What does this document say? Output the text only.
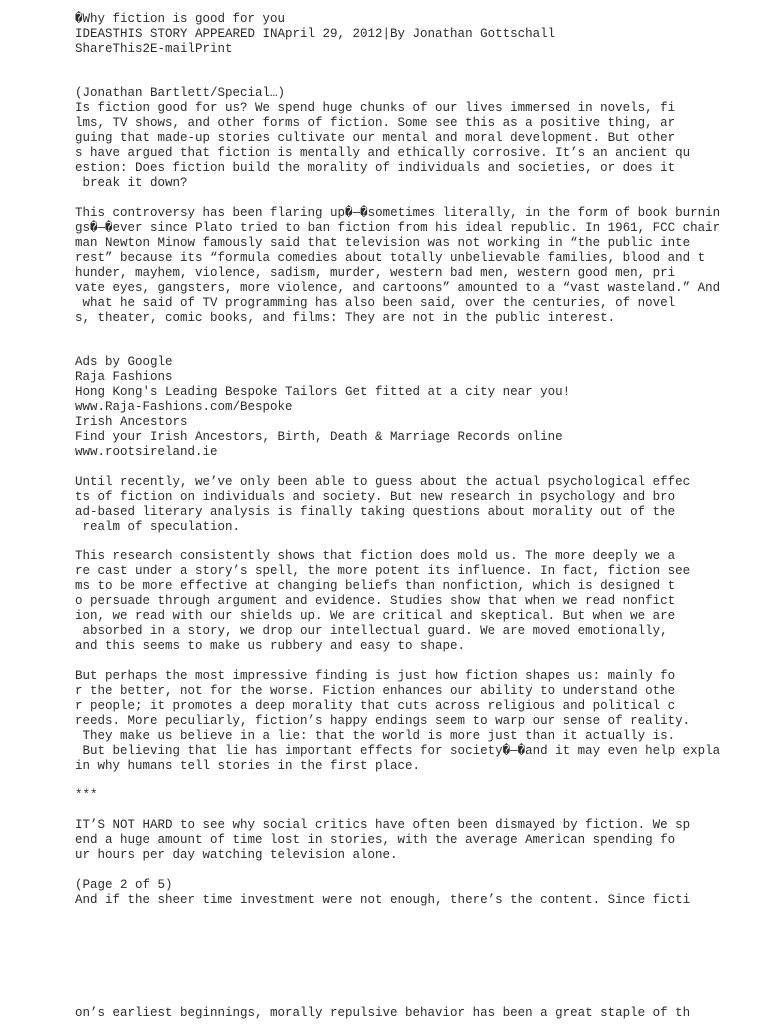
�Why fiction is good for you
IDEASTHIS STORY APPEARED INApril 29, 2012|By Jonathan Gottschall
ShareThis2E-mailPrint
(Jonathan Bartlett/Special…)
Is fiction good for us? We spend huge chunks of our lives immersed in novels, fi
lms, TV shows, and other forms of fiction. Some see this as a positive thing, ar
guing that made-up stories cultivate our mental and moral development. But other
s have argued that fiction is mentally and ethically corrosive. It’s an ancient qu
estion: Does fiction build the morality of individuals and societies, or does it
break it down?
This controversy has been flaring up�—�sometimes literally, in the form of book burnin
gs�—�ever since Plato tried to ban fiction from his ideal republic. In 1961, FCC chair
man Newton Minow famously said that television was not working in “the public inte
rest” because its “formula comedies about totally unbelievable families, blood and t
hunder, mayhem, violence, sadism, murder, western bad men, western good men, pri
vate eyes, gangsters, more violence, and cartoons” amounted to a “vast wasteland.” And
what he said of TV programming has also been said, over the centuries, of novel
s, theater, comic books, and films: They are not in the public interest.
Ads by Google
Raja Fashions
Hong Kong's Leading Bespoke Tailors Get fitted at a city near you!
www.Raja-Fashions.com/Bespoke
Irish Ancestors
Find your Irish Ancestors, Birth, Death & Marriage Records online
www.rootsireland.ie
Until recently, we’ve only been able to guess about the actual psychological effec
ts of fiction on individuals and society. But new research in psychology and bro
ad-based literary analysis is finally taking questions about morality out of the
realm of speculation.
This research consistently shows that fiction does mold us. The more deeply we a
re cast under a story’s spell, the more potent its influence. In fact, fiction see
ms to be more effective at changing beliefs than nonfiction, which is designed t
o persuade through argument and evidence. Studies show that when we read nonfict
ion, we read with our shields up. We are critical and skeptical. But when we are
absorbed in a story, we drop our intellectual guard. We are moved emotionally,
and this seems to make us rubbery and easy to shape.
But perhaps the most impressive finding is just how fiction shapes us: mainly fo
r the better, not for the worse. Fiction enhances our ability to understand othe
r people; it promotes a deep morality that cuts across religious and political c
reeds. More peculiarly, fiction’s happy endings seem to warp our sense of reality.
They make us believe in a lie: that the world is more just than it actually is.
But believing that lie has important effects for society�—�and it may even help expla
in why humans tell stories in the first place.
***
IT’S NOT HARD to see why social critics have often been dismayed by fiction. We sp
end a huge amount of time lost in stories, with the average American spending fo
ur hours per day watching television alone.
(Page 2 of 5)
And if the sheer time investment were not enough, there’s the content. Since ficti
on’s earliest beginnings, morally repulsive behavior has been a great staple of th
